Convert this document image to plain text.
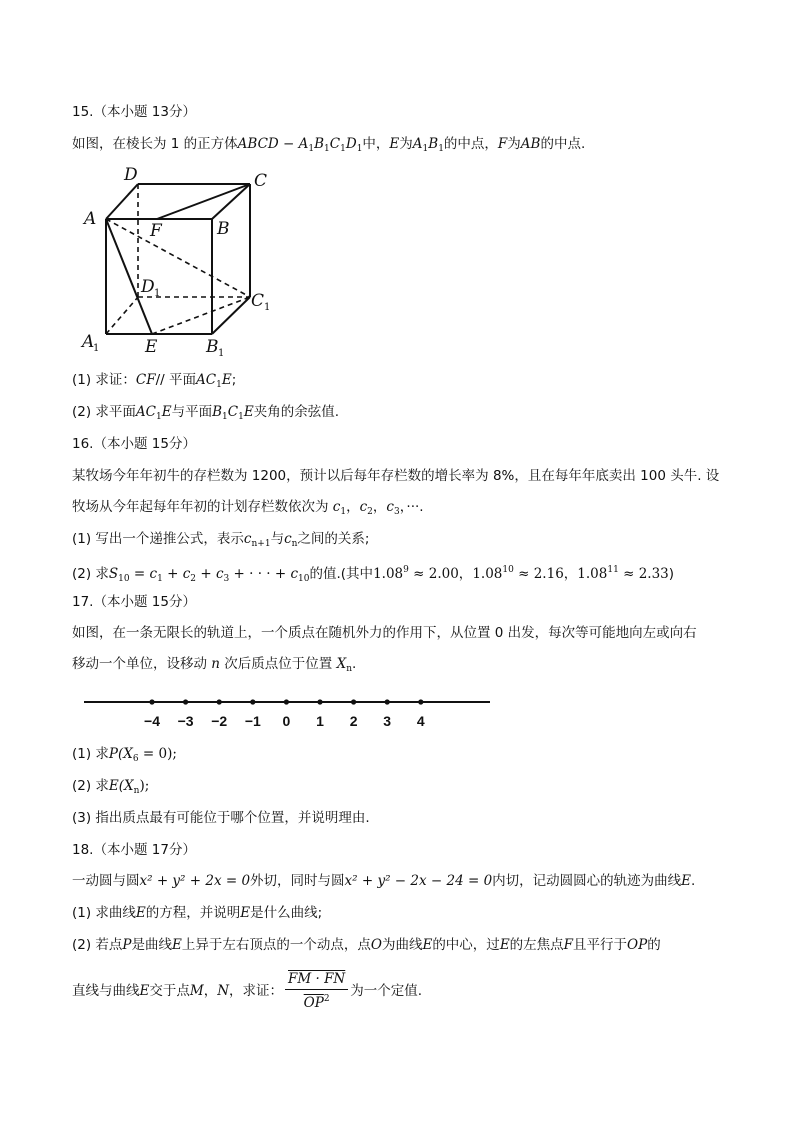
15.（本小题 13分）
如图，在棱长为 1 的正方体ABCD − $A_1B_1C_1D_1$中，E为$A_1B_1$的中点，F为AB的中点.
D	C
A	B
F
D
C
A	E	B
1
1
1	1
(1) 求证：CF// 平面$AC_1E$;
(2) 求平面$AC_1E$与平面$B_1C_1E$夹角的余弦值.
16.（本小题 15分）
某牧场今年年初牛的存栏数为 1200，预计以后每年存栏数的增长率为 8%，且在每年年底卖出 100 头牛. 设
牧场从今年起每年年初的计划存栏数依次为 $c_1$，$c_2$，$c_3$，···.
(1) 写出一个递推公式，表示$c_{n+1}$与$c_n$之间的关系;
(2) 求$S_{10} = c_1 + c_2 + c_3$ + · · · + $c_{10}$的值.(其中$1.08^9 \approx 2.00$，$1.08^{10} \approx 2.16$，$1.08^{11} \approx 2.33$)
17.（本小题 15分）
如图，在一条无限长的轨道上，一个质点在随机外力的作用下，从位置 0 出发，每次等可能地向左或向右
移动一个单位，设移动 n 次后质点位于位置 $X_n$.
−4 −3 −2 −1 0 1 2 3 4
(1) 求$P(X_6 = 0)$;
(2) 求$E(X_n)$;
(3) 指出质点最有可能位于哪个位置，并说明理由.
18.（本小题 17分）
一动圆与圆x² + y² + 2x = 0外切，同时与圆x² + y² − 2x − 24 = 0内切，记动圆圆心的轨迹为曲线E.
(1) 求曲线E的方程，并说明E是什么曲线;
(2) 若点P是曲线E上异于左右顶点的一个动点，点O为曲线E的中心，过E的左焦点F且平行于OP的
直线与曲线E交于点M，N，求证： $\frac{FM \cdot FN}{\overline{OP}^2}$ 为一个定值.
